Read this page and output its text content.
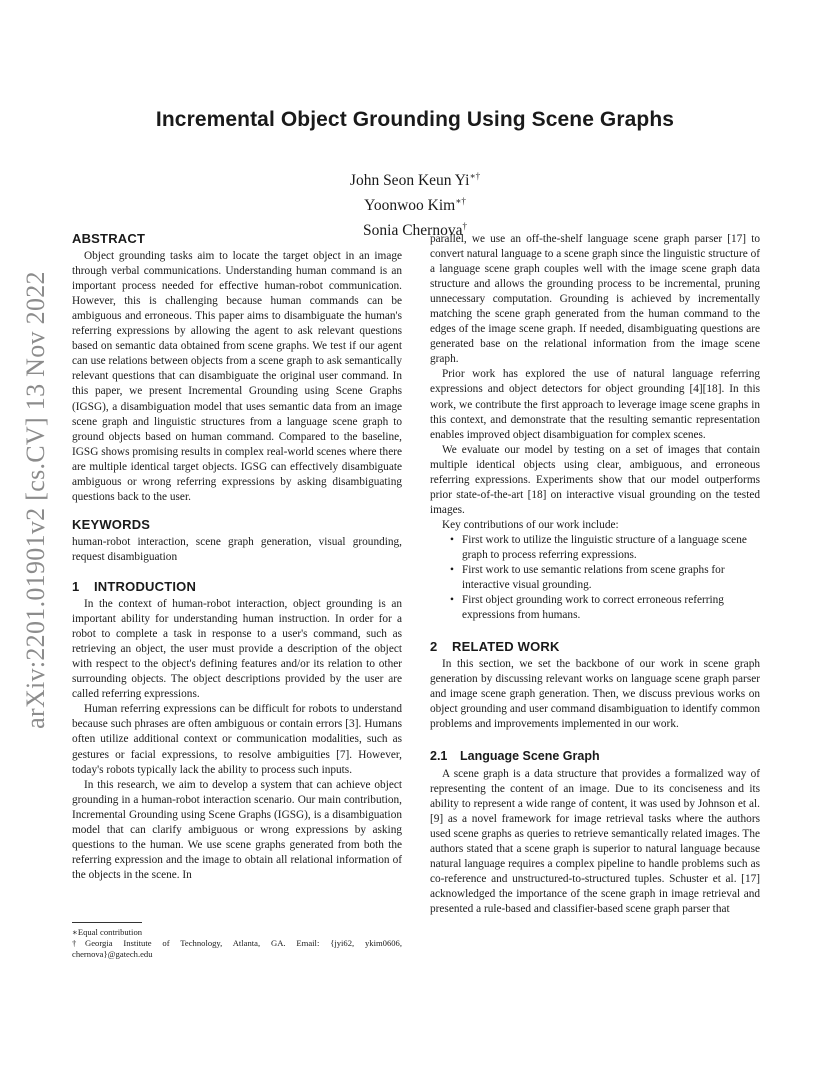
arXiv:2201.01901v2 [cs.CV] 13 Nov 2022
Incremental Object Grounding Using Scene Graphs
John Seon Keun Yi∗†
Yoonwoo Kim∗†
Sonia Chernova†
ABSTRACT

Object grounding tasks aim to locate the target object in an image through verbal communications. Understanding human command is an important process needed for effective human-robot communication. However, this is challenging because human commands can be ambiguous and erroneous. This paper aims to disambiguate the human's referring expressions by allowing the agent to ask relevant questions based on semantic data obtained from scene graphs. We test if our agent can use relations between objects from a scene graph to ask semantically relevant questions that can disambiguate the original user command. In this paper, we present Incremental Grounding using Scene Graphs (IGSG), a disambiguation model that uses semantic data from an image scene graph and linguistic structures from a language scene graph to ground objects based on human command. Compared to the baseline, IGSG shows promising results in complex real-world scenes where there are multiple identical target objects. IGSG can effectively disambiguate ambiguous or wrong referring expressions by asking disambiguating questions back to the user.

KEYWORDS

human-robot interaction, scene graph generation, visual grounding, request disambiguation

1 INTRODUCTION

In the context of human-robot interaction, object grounding is an important ability for understanding human instruction. In order for a robot to complete a task in response to a user's command, such as retrieving an object, the user must provide a description of the object with respect to the object's defining features and/or its relation to other surrounding objects. The object descriptions provided by the user are called referring expressions.

Human referring expressions can be difficult for robots to understand because such phrases are often ambiguous or contain errors [3]. Humans often utilize additional context or communication modalities, such as gestures or facial expressions, to resolve ambiguities [7]. However, today's robots typically lack the ability to process such inputs.

In this research, we aim to develop a system that can achieve object grounding in a human-robot interaction scenario. Our main contribution, Incremental Grounding using Scene Graphs (IGSG), is a disambiguation model that can clarify ambiguous or wrong expressions by asking questions to the human. We use scene graphs generated from both the referring expression and the image to obtain all relational information of the objects in the scene. In

∗Equal contribution

†Georgia Institute of Technology, Atlanta, GA. Email: {jyi62, ykim0606, chernova}@gatech.edu

parallel, we use an off-the-shelf language scene graph parser [17] to convert natural language to a scene graph since the linguistic structure of a language scene graph couples well with the image scene graph data structure and allows the grounding process to be incremental, pruning unnecessary computation. Grounding is achieved by incrementally matching the scene graph generated from the human command to the edges of the image scene graph. If needed, disambiguating questions are generated base on the relational information from the image scene graph.

Prior work has explored the use of natural language referring expressions and object detectors for object grounding [4][18]. In this work, we contribute the first approach to leverage image scene graphs in this context, and demonstrate that the resulting semantic representation enables improved object disambiguation for complex scenes.

We evaluate our model by testing on a set of images that contain multiple identical objects using clear, ambiguous, and erroneous referring expressions. Experiments show that our model outperforms prior state-of-the-art [18] on interactive visual grounding on the tested images.

Key contributions of our work include:

• First work to utilize the linguistic structure of a language scene graph to process referring expressions.
• First work to use semantic relations from scene graphs for interactive visual grounding.
• First object grounding work to correct erroneous referring expressions from humans.
2 RELATED WORK

In this section, we set the backbone of our work in scene graph generation by discussing relevant works on language scene graph parser and image scene graph generation. Then, we discuss previous works on object grounding and user command disambiguation to identify common problems and improvements implemented in our work.

2.1 Language Scene Graph

A scene graph is a data structure that provides a formalized way of representing the content of an image. Due to its conciseness and its ability to represent a wide range of content, it was used by Johnson et al. [9] as a novel framework for image retrieval tasks where the authors used scene graphs as queries to retrieve semantically related images. The authors stated that a scene graph is superior to natural language because natural language requires a complex pipeline to handle problems such as co-reference and unstructured-to-structured tuples. Schuster et al. [17] acknowledged the importance of the scene graph in image retrieval and presented a rule-based and classifier-based scene graph parser that
